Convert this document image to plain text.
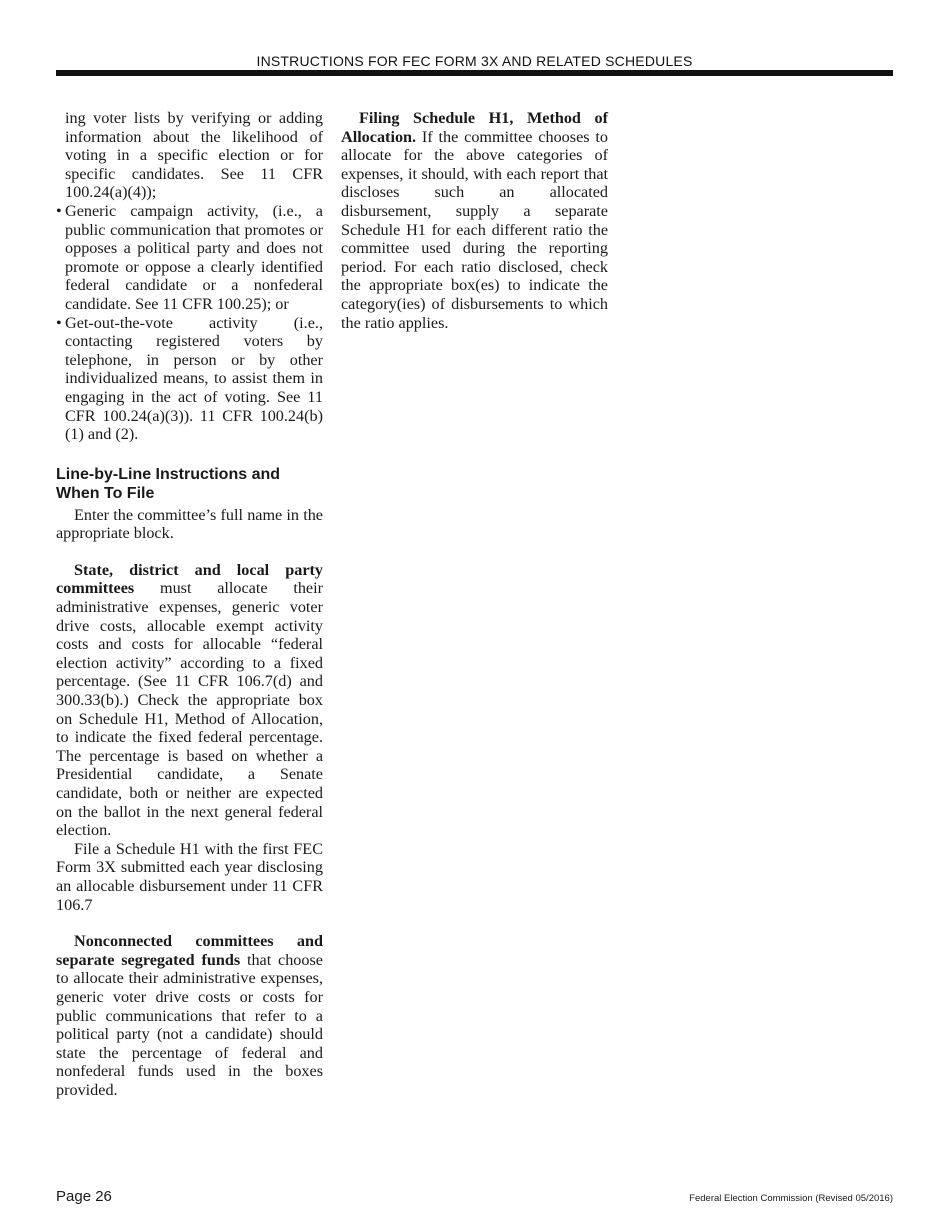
INSTRUCTIONS FOR FEC FORM 3X AND RELATED SCHEDULES

ing voter lists by verifying or adding information about the likelihood of voting in a specific election or for specific candidates. See 11 CFR 100.24(a)(4));

• Generic campaign activity, (i.e., a public communication that promotes or opposes a political party and does not promote or oppose a clearly identified federal candidate or a nonfederal candidate. See 11 CFR 100.25); or
• Get-out-the-vote activity (i.e., contacting registered voters by telephone, in person or by other individualized means, to assist them in engaging in the act of voting. See 11 CFR 100.24(a)(3)). 11 CFR 100.24(b)(1) and (2).
Line-by-Line Instructions and When To File

Enter the committee’s full name in the appropriate block.

State, district and local party committees must allocate their administrative expenses, generic voter drive costs, allocable exempt activity costs and costs for allocable “federal election activity” according to a fixed percentage. (See 11 CFR 106.7(d) and 300.33(b).) Check the appropriate box on Schedule H1, Method of Allocation, to indicate the fixed federal percentage. The percentage is based on whether a Presidential candidate, a Senate candidate, both or neither are expected on the ballot in the next general federal election.

File a Schedule H1 with the first FEC Form 3X submitted each year disclosing an allocable disbursement under 11 CFR 106.7

Nonconnected committees and separate segregated funds that choose to allocate their administrative expenses, generic voter drive costs or costs for public communications that refer to a political party (not a candidate) should state the percentage of federal and nonfederal funds used in the boxes provided.

Filing Schedule H1, Method of Allocation. If the committee chooses to allocate for the above categories of expenses, it should, with each report that discloses such an allocated disbursement, supply a separate Schedule H1 for each different ratio the committee used during the reporting period. For each ratio disclosed, check the appropriate box(es) to indicate the category(ies) of disbursements to which the ratio applies.

Page 26	Federal Election Commission (Revised 05/2016)
